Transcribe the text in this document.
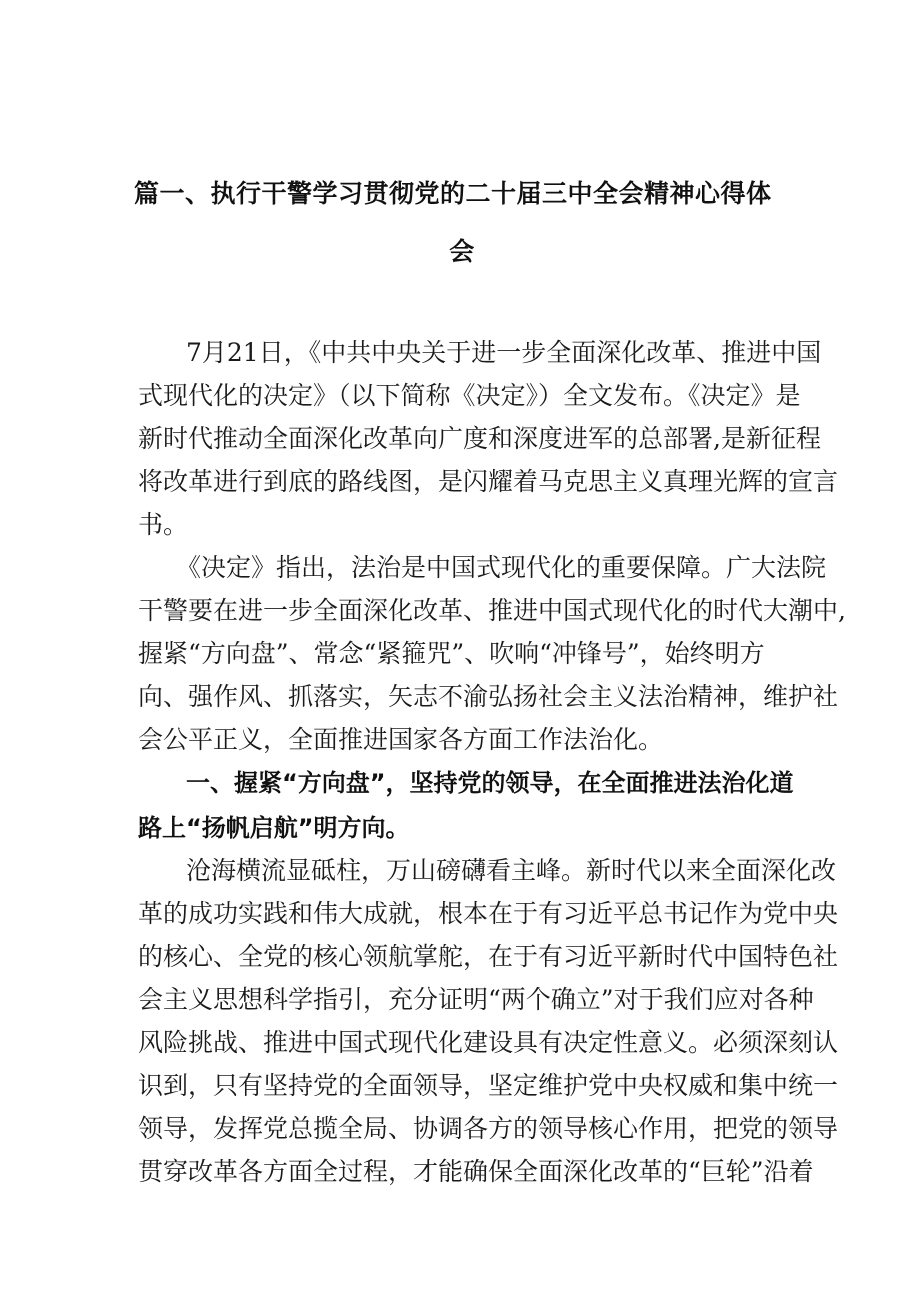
篇一、执行干警学习贯彻党的二十届三中全会精神心得体
会
7月21日，《中共中央关于进一步全面深化改革、推进中国
式现代化的决定》（以下简称《决定》）全文发布。《决定》是
新时代推动全面深化改革向广度和深度进军的总部署,是新征程
将改革进行到底的路线图，是闪耀着马克思主义真理光辉的宣言
书。
《决定》指出，法治是中国式现代化的重要保障。广大法院
干警要在进一步全面深化改革、推进中国式现代化的时代大潮中,
握紧“方向盘”、常念“紧箍咒”、吹响“冲锋号”，始终明方
向、强作风、抓落实，矢志不渝弘扬社会主义法治精神，维护社
会公平正义，全面推进国家各方面工作法治化。
一、握紧“方向盘”，坚持党的领导，在全面推进法治化道
路上“扬帆启航”明方向。
沧海横流显砥柱，万山磅礴看主峰。新时代以来全面深化改
革的成功实践和伟大成就，根本在于有习近平总书记作为党中央
的核心、全党的核心领航掌舵，在于有习近平新时代中国特色社
会主义思想科学指引，充分证明“两个确立”对于我们应对各种
风险挑战、推进中国式现代化建设具有决定性意义。必须深刻认
识到，只有坚持党的全面领导，坚定维护党中央权威和集中统一
领导，发挥党总揽全局、协调各方的领导核心作用，把党的领导
贯穿改革各方面全过程，才能确保全面深化改革的“巨轮”沿着
